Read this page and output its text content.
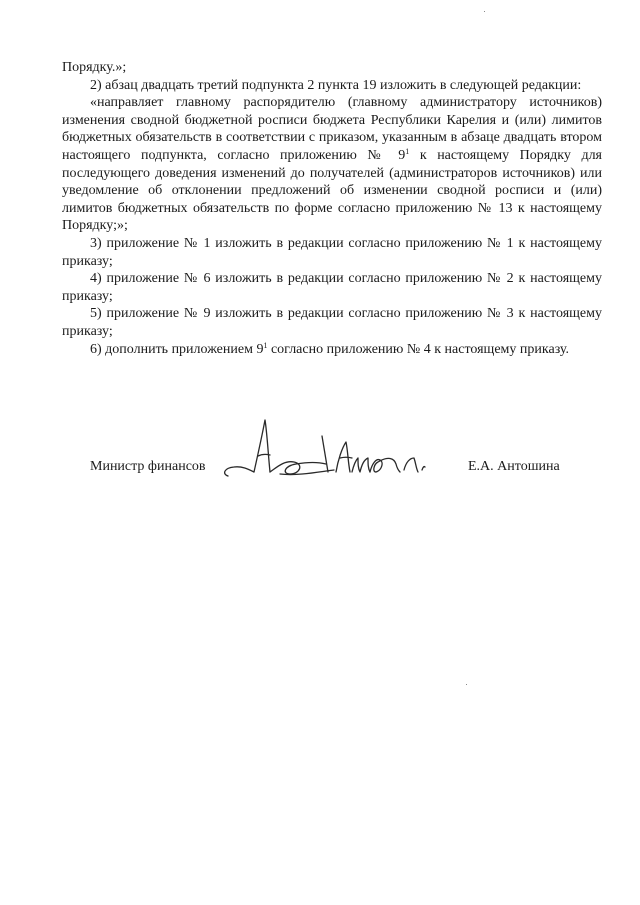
Порядку.»;

2) абзац двадцать третий подпункта 2 пункта 19 изложить в следующей редакции:

«направляет главному распорядителю (главному администратору источников) изменения сводной бюджетной росписи бюджета Республики Карелия и (или) лимитов бюджетных обязательств в соответствии с приказом, указанным в абзаце двадцать втором настоящего подпункта, согласно приложению № $9^1$ к настоящему Порядку для последующего доведения изменений до получателей (администраторов источников) или уведомление об отклонении предложений об изменении сводной росписи и (или) лимитов бюджетных обязательств по форме согласно приложению № 13 к настоящему Порядку;»;

3) приложение № 1 изложить в редакции согласно приложению № 1 к настоящему приказу;

4) приложение № 6 изложить в редакции согласно приложению № 2 к настоящему приказу;

5) приложение № 9 изложить в редакции согласно приложению № 3 к настоящему приказу;

6) дополнить приложением $9^1$ согласно приложению № 4 к настоящему приказу.

Министр финансов	Е.А. Антошина
